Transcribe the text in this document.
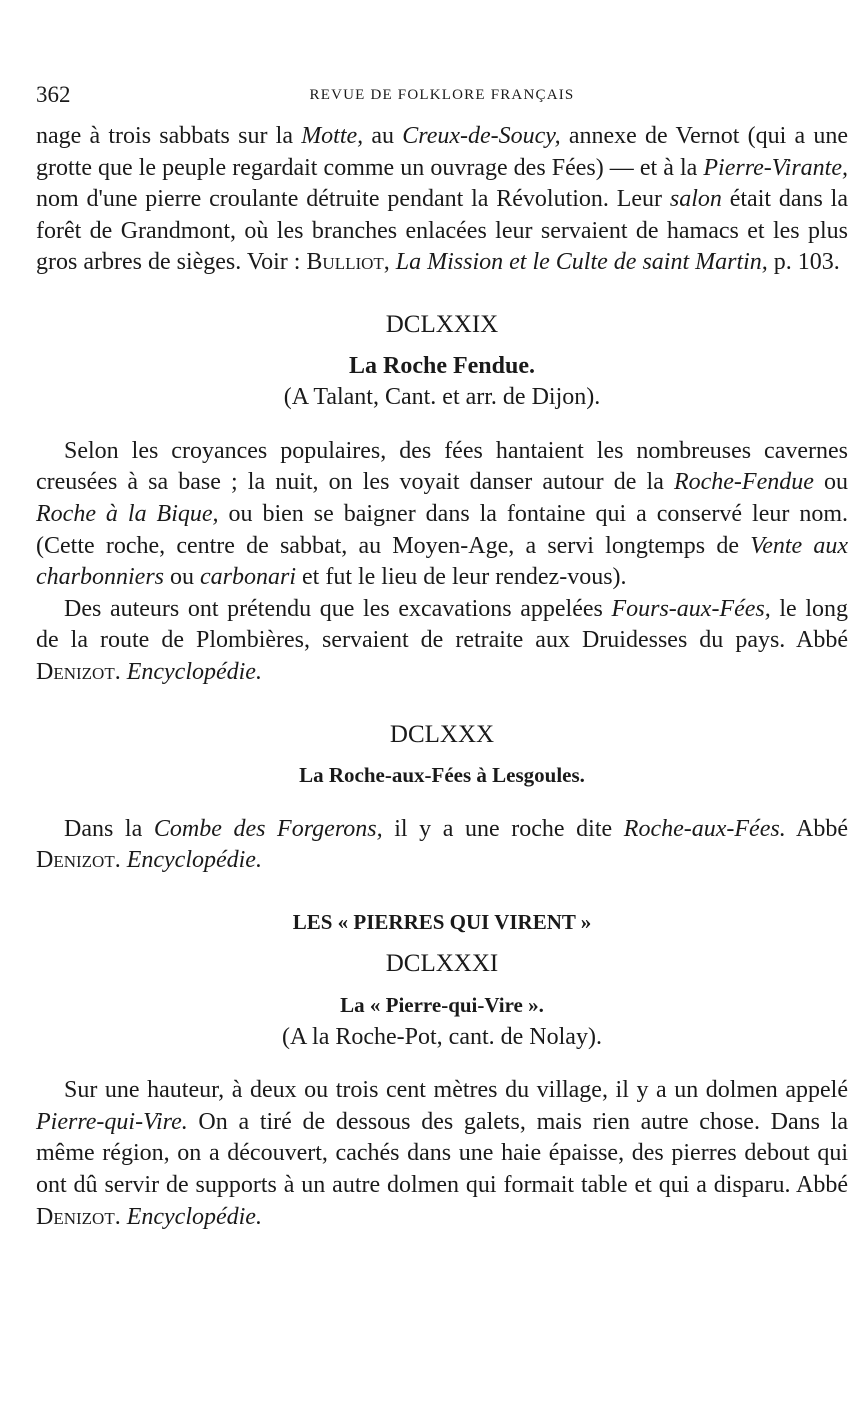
362	REVUE DE FOLKLORE FRANÇAIS

nage à trois sabbats sur la Motte, au Creux-de-Soucy, annexe de Vernot (qui a une grotte que le peuple regardait comme un ouvrage des Fées) — et à la Pierre-Virante, nom d'une pierre croulante détruite pendant la Révolution. Leur salon était dans la forêt de Grandmont, où les branches enlacées leur servaient de hamacs et les plus gros arbres de sièges. Voir : Bulliot, La Mission et le Culte de saint Martin, p. 103.

DCLXXIX
La Roche Fendue.
(A Talant, Cant. et arr. de Dijon).

Selon les croyances populaires, des fées hantaient les nombreuses cavernes creusées à sa base ; la nuit, on les voyait danser autour de la Roche-Fendue ou Roche à la Bique, ou bien se baigner dans la fontaine qui a conservé leur nom. (Cette roche, centre de sabbat, au Moyen-Age, a servi longtemps de Vente aux charbonniers ou carbonari et fut le lieu de leur rendez-vous).

Des auteurs ont prétendu que les excavations appelées Fours-aux-Fées, le long de la route de Plombières, servaient de retraite aux Druidesses du pays. Abbé Denizot. Encyclopédie.

DCLXXX
La Roche-aux-Fées à Lesgoules.

Dans la Combe des Forgerons, il y a une roche dite Roche-aux-Fées. Abbé Denizot. Encyclopédie.

LES « PIERRES QUI VIRENT »
DCLXXXI
La « Pierre-qui-Vire ».
(A la Roche-Pot, cant. de Nolay).

Sur une hauteur, à deux ou trois cent mètres du village, il y a un dolmen appelé Pierre-qui-Vire. On a tiré de dessous des galets, mais rien autre chose. Dans la même région, on a découvert, cachés dans une haie épaisse, des pierres debout qui ont dû servir de supports à un autre dolmen qui formait table et qui a disparu. Abbé Denizot. Encyclopédie.
